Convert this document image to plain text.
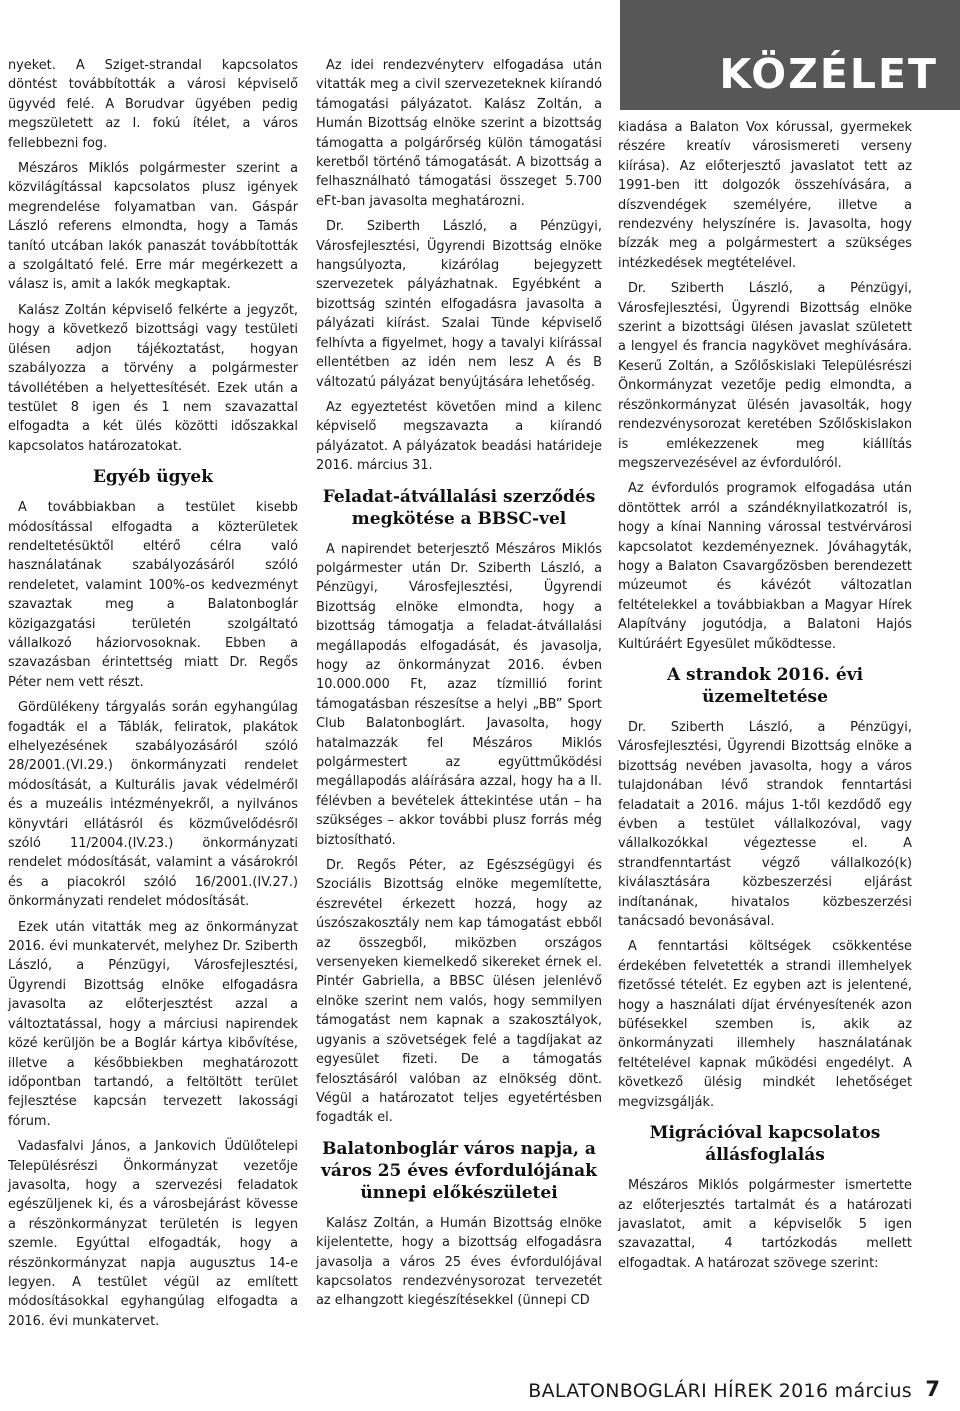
KÖZÉLET

nyeket. A Sziget-strandal kapcsolatos döntést továbbították a városi képviselő ügyvéd felé. A Borudvar ügyében pedig megszületett az I. fokú ítélet, a város fellebbezni fog.

Mészáros Miklós polgármester szerint a közvilágítással kapcsolatos plusz igények megrendelése folyamatban van. Gáspár László referens elmondta, hogy a Tamás tanító utcában lakók panaszát továbbították a szolgáltató felé. Erre már megérkezett a válasz is, amit a lakók megkaptak.

Kalász Zoltán képviselő felkérte a jegyzőt, hogy a következő bizottsági vagy testületi ülésen adjon tájékoztatást, hogyan szabályozza a törvény a polgármester távollétében a helyettesítését. Ezek után a testület 8 igen és 1 nem szavazattal elfogadta a két ülés közötti időszakkal kapcsolatos határozatokat.

Egyéb ügyek

A továbbiakban a testület kisebb módosítással elfogadta a közterületek rendeltetésüktől eltérő célra való használatának szabályozásáról szóló rendeletet, valamint 100%-os kedvezményt szavaztak meg a Balatonboglár közigazgatási területén szolgáltató vállalkozó háziorvosoknak. Ebben a szavazásban érintettség miatt Dr. Regős Péter nem vett részt.

Gördülékeny tárgyalás során egyhangúlag fogadták el a Táblák, feliratok, plakátok elhelyezésének szabályozásáról szóló 28/2001.(VI.29.) önkormányzati rendelet módosítását, a Kulturális javak védelméről és a muzeális intézményekről, a nyilvános könyvtári ellátásról és közművelődésről szóló 11/2004.(IV.23.) önkormányzati rendelet módosítását, valamint a vásárokról és a piacokról szóló 16/2001.(IV.27.) önkormányzati rendelet módosítását.

Ezek után vitatták meg az önkormányzat 2016. évi munkatervét, melyhez Dr. Sziberth László, a Pénzügyi, Városfejlesztési, Ügyrendi Bizottság elnöke elfogadásra javasolta az előterjesztést azzal a változtatással, hogy a márciusi napirendek közé kerüljön be a Boglár kártya kibővítése, illetve a későbbiekben meghatározott időpontban tartandó, a feltöltött terület fejlesztése kapcsán tervezett lakossági fórum.

Vadasfalvi János, a Jankovich Üdülőtelepi Településrészi Önkormányzat vezetője javasolta, hogy a szervezési feladatok egészüljenek ki, és a városbejárást kövesse a részönkormányzat területén is legyen szemle. Egyúttal elfogadták, hogy a részönkormányzat napja augusztus 14-e legyen. A testület végül az említett módosításokkal egyhangúlag elfogadta a 2016. évi munkatervet.

Az idei rendezvényterv elfogadása után vitatták meg a civil szervezeteknek kiírandó támogatási pályázatot. Kalász Zoltán, a Humán Bizottság elnöke szerint a bizottság támogatta a polgárőrség külön támogatási keretből történő támogatását. A bizottság a felhasználható támogatási összeget 5.700 eFt-ban javasolta meghatározni.

Dr. Sziberth László, a Pénzügyi, Városfejlesztési, Ügyrendi Bizottság elnöke hangsúlyozta, kizárólag bejegyzett szervezetek pályázhatnak. Egyébként a bizottság szintén elfogadásra javasolta a pályázati kiírást. Szalai Tünde képviselő felhívta a figyelmet, hogy a tavalyi kiírással ellentétben az idén nem lesz A és B változatú pályázat benyújtására lehetőség.

Az egyeztetést követően mind a kilenc képviselő megszavazta a kiírandó pályázatot. A pályázatok beadási határideje 2016. március 31.

Feladat-átvállalási szerződés megkötése a BBSC-vel

A napirendet beterjesztő Mészáros Miklós polgármester után Dr. Sziberth László, a Pénzügyi, Városfejlesztési, Ügyrendi Bizottság elnöke elmondta, hogy a bizottság támogatja a feladat-átvállalási megállapodás elfogadását, és javasolja, hogy az önkormányzat 2016. évben 10.000.000 Ft, azaz tízmillió forint támogatásban részesítse a helyi „BB” Sport Club Balatonboglárt. Javasolta, hogy hatalmazzák fel Mészáros Miklós polgármestert az együttműködési megállapodás aláírására azzal, hogy ha a II. félévben a bevételek áttekintése után – ha szükséges – akkor további plusz forrás még biztosítható.

Dr. Regős Péter, az Egészségügyi és Szociális Bizottság elnöke megemlítette, észrevétel érkezett hozzá, hogy az úszószakosztály nem kap támogatást ebből az összegből, miközben országos versenyeken kiemelkedő sikereket érnek el. Pintér Gabriella, a BBSC ülésen jelenlévő elnöke szerint nem valós, hogy semmilyen támogatást nem kapnak a szakosztályok, ugyanis a szövetségek felé a tagdíjakat az egyesület fizeti. De a támogatás felosztásáról valóban az elnökség dönt. Végül a határozatot teljes egyetértésben fogadták el.

Balatonboglár város napja, a város 25 éves évfordulójának ünnepi előkészületei

Kalász Zoltán, a Humán Bizottság elnöke kijelentette, hogy a bizottság elfogadásra javasolja a város 25 éves évfordulójával kapcsolatos rendezvénysorozat tervezetét az elhangzott kiegészítésekkel (ünnepi CD

kiadása a Balaton Vox kórussal, gyermekek részére kreatív városismereti verseny kiírása). Az előterjesztő javaslatot tett az 1991-ben itt dolgozók összehívására, a díszvendégek személyére, illetve a rendezvény helyszínére is. Javasolta, hogy bízzák meg a polgármestert a szükséges intézkedések megtételével.

Dr. Sziberth László, a Pénzügyi, Városfejlesztési, Ügyrendi Bizottság elnöke szerint a bizottsági ülésen javaslat született a lengyel és francia nagykövet meghívására. Keserű Zoltán, a Szőlőskislaki Településrészi Önkormányzat vezetője pedig elmondta, a részönkormányzat ülésén javasolták, hogy rendezvénysorozat keretében Szőlőskislakon is emlékezzenek meg kiállítás megszervezésével az évfordulóról.

Az évfordulós programok elfogadása után döntöttek arról a szándéknyilatkozatról is, hogy a kínai Nanning várossal testvérvárosi kapcsolatot kezdeményeznek. Jóváhagyták, hogy a Balaton Csavargőzösben berendezett múzeumot és kávézót változatlan feltételekkel a továbbiakban a Magyar Hírek Alapítvány jogutódja, a Balatoni Hajós Kultúráért Egyesület működtesse.

A strandok 2016. évi üzemeltetése

Dr. Sziberth László, a Pénzügyi, Városfejlesztési, Ügyrendi Bizottság elnöke a bizottság nevében javasolta, hogy a város tulajdonában lévő strandok fenntartási feladatait a 2016. május 1-től kezdődő egy évben a testület vállalkozóval, vagy vállalkozókkal végeztesse el. A strandfenntartást végző vállalkozó(k) kiválasztására közbeszerzési eljárást indítanának, hivatalos közbeszerzési tanácsadó bevonásával.

A fenntartási költségek csökkentése érdekében felvetették a strandi illemhelyek fizetőssé tételét. Ez egyben azt is jelentené, hogy a használati díjat érvényesítenék azon büfésekkel szemben is, akik az önkormányzati illemhely használatának feltételével kapnak működési engedélyt. A következő ülésig mindkét lehetőséget megvizsgálják.

Migrációval kapcsolatos állásfoglalás

Mészáros Miklós polgármester ismertette az előterjesztés tartalmát és a határozati javaslatot, amit a képviselők 5 igen szavazattal, 4 tartózkodás mellett elfogadtak. A határozat szövege szerint:

BALATONBOGLÁRI HÍREK 2016 március 7
